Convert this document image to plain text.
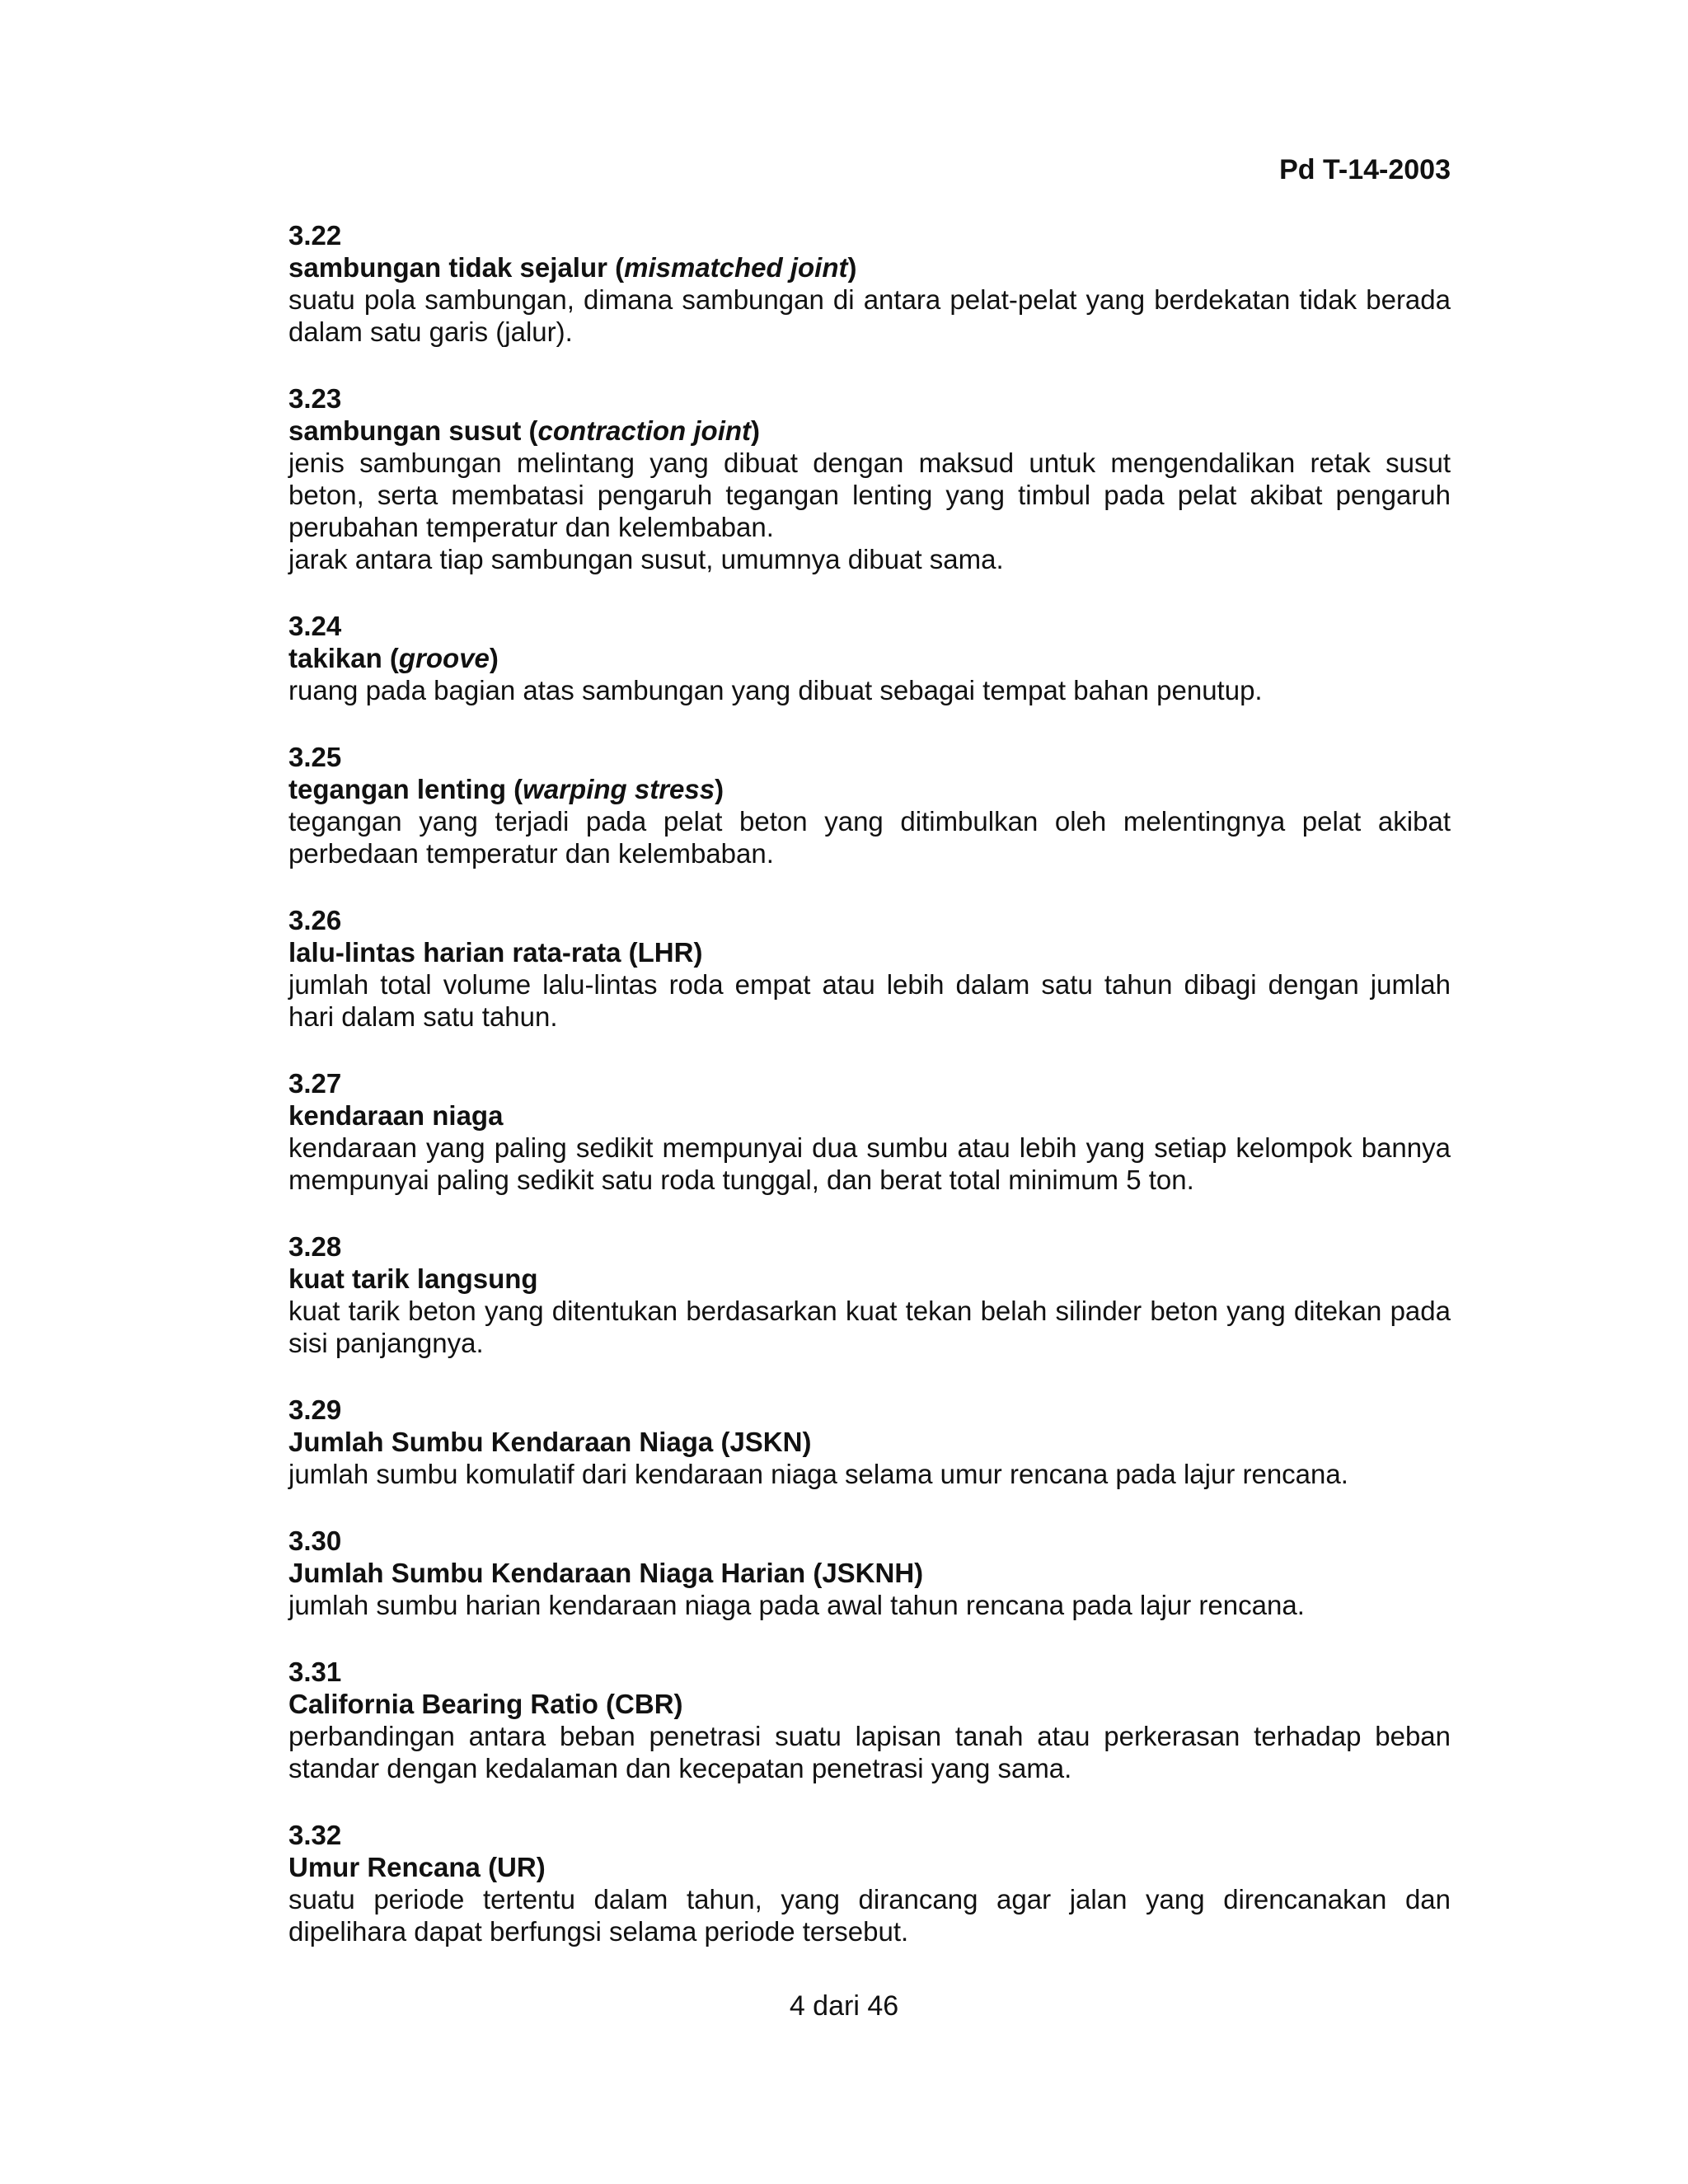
Pd T-14-2003
3.22
sambungan tidak sejalur (mismatched joint)

suatu pola sambungan, dimana sambungan di antara pelat-pelat yang berdekatan tidak berada dalam satu garis (jalur).

3.23
sambungan susut (contraction joint)

jenis sambungan melintang yang dibuat dengan maksud untuk mengendalikan retak susut beton, serta membatasi pengaruh tegangan lenting yang timbul pada pelat akibat pengaruh perubahan temperatur dan kelembaban.

jarak antara tiap sambungan susut, umumnya dibuat sama.

3.24
takikan (groove)

ruang pada bagian atas sambungan yang dibuat sebagai tempat bahan penutup.

3.25
tegangan lenting (warping stress)

tegangan yang terjadi pada pelat beton yang ditimbulkan oleh melentingnya pelat akibat perbedaan temperatur dan kelembaban.

3.26
lalu-lintas harian rata-rata (LHR)

jumlah total volume lalu-lintas roda empat atau lebih dalam satu tahun dibagi dengan jumlah hari dalam satu tahun.

3.27
kendaraan niaga

kendaraan yang paling sedikit mempunyai dua sumbu atau lebih yang setiap kelompok bannya mempunyai paling sedikit satu roda tunggal, dan berat total minimum 5 ton.

3.28
kuat tarik langsung

kuat tarik beton yang ditentukan berdasarkan kuat tekan belah silinder beton yang ditekan pada sisi panjangnya.

3.29
Jumlah Sumbu Kendaraan Niaga (JSKN)

jumlah sumbu komulatif dari kendaraan niaga selama umur rencana pada lajur rencana.

3.30
Jumlah Sumbu Kendaraan Niaga Harian (JSKNH)

jumlah sumbu harian kendaraan niaga pada awal tahun rencana pada lajur rencana.

3.31
California Bearing Ratio (CBR)

perbandingan antara beban penetrasi suatu lapisan tanah atau perkerasan terhadap beban standar dengan kedalaman dan kecepatan penetrasi yang sama.

3.32
Umur Rencana (UR)

suatu periode tertentu dalam tahun, yang dirancang agar jalan yang direncanakan dan dipelihara dapat berfungsi selama periode tersebut.

4 dari 46
